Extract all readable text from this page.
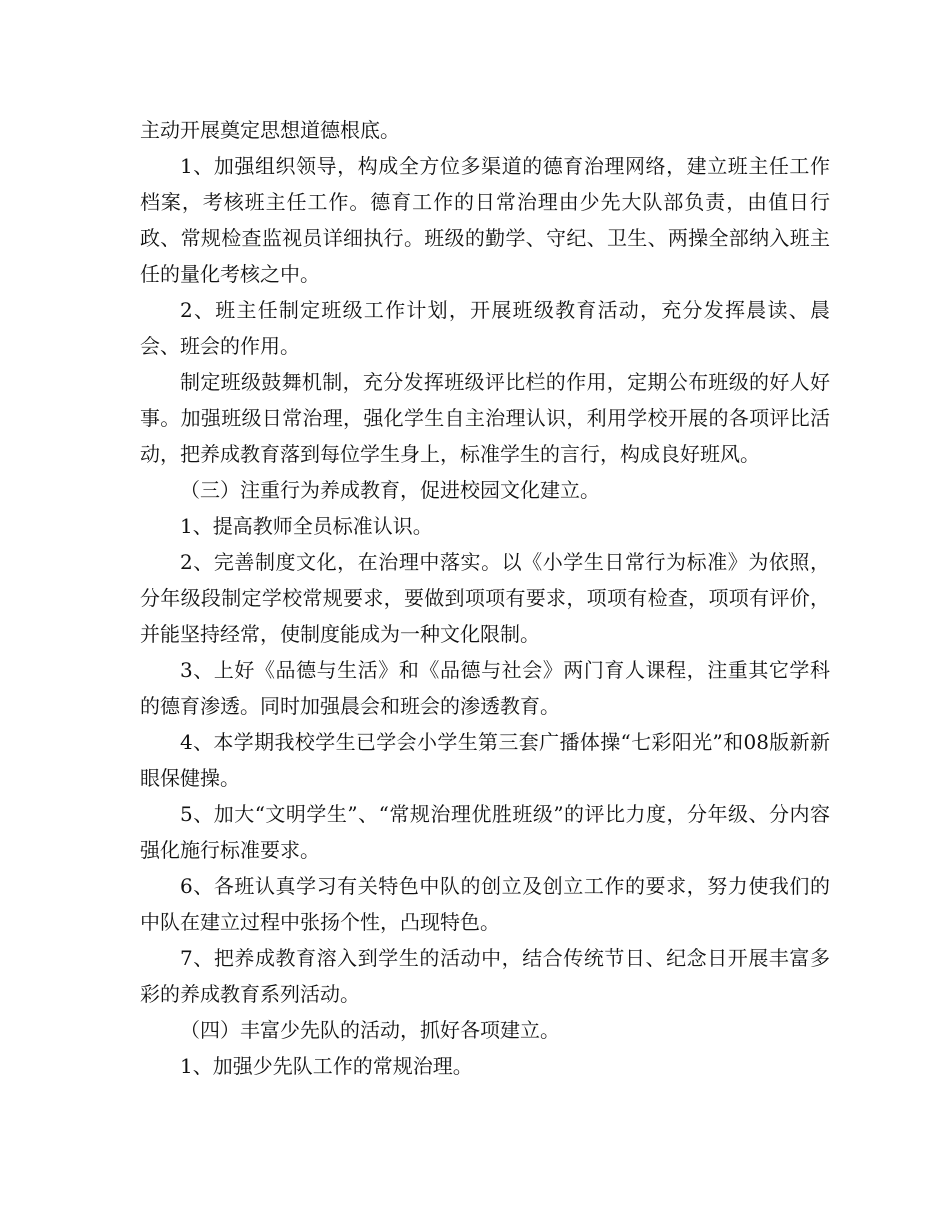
主动开展奠定思想道德根底。

1、加强组织领导，构成全方位多渠道的德育治理网络，建立班主任工作档案，考核班主任工作。德育工作的日常治理由少先大队部负责，由值日行政、常规检查监视员详细执行。班级的勤学、守纪、卫生、两操全部纳入班主任的量化考核之中。

2、班主任制定班级工作计划，开展班级教育活动，充分发挥晨读、晨会、班会的作用。

制定班级鼓舞机制，充分发挥班级评比栏的作用，定期公布班级的好人好事。加强班级日常治理，强化学生自主治理认识，利用学校开展的各项评比活动，把养成教育落到每位学生身上，标准学生的言行，构成良好班风。

（三）注重行为养成教育，促进校园文化建立。

1、提高教师全员标准认识。

2、完善制度文化，在治理中落实。以《小学生日常行为标准》为依照，分年级段制定学校常规要求，要做到项项有要求，项项有检查，项项有评价，并能坚持经常，使制度能成为一种文化限制。

3、上好《品德与生活》和《品德与社会》两门育人课程，注重其它学科的德育渗透。同时加强晨会和班会的渗透教育。

4、本学期我校学生已学会小学生第三套广播体操“七彩阳光”和08版新新眼保健操。

5、加大“文明学生”、“常规治理优胜班级”的评比力度，分年级、分内容强化施行标准要求。

6、各班认真学习有关特色中队的创立及创立工作的要求，努力使我们的中队在建立过程中张扬个性，凸现特色。

7、把养成教育溶入到学生的活动中，结合传统节日、纪念日开展丰富多彩的养成教育系列活动。

（四）丰富少先队的活动，抓好各项建立。

1、加强少先队工作的常规治理。
